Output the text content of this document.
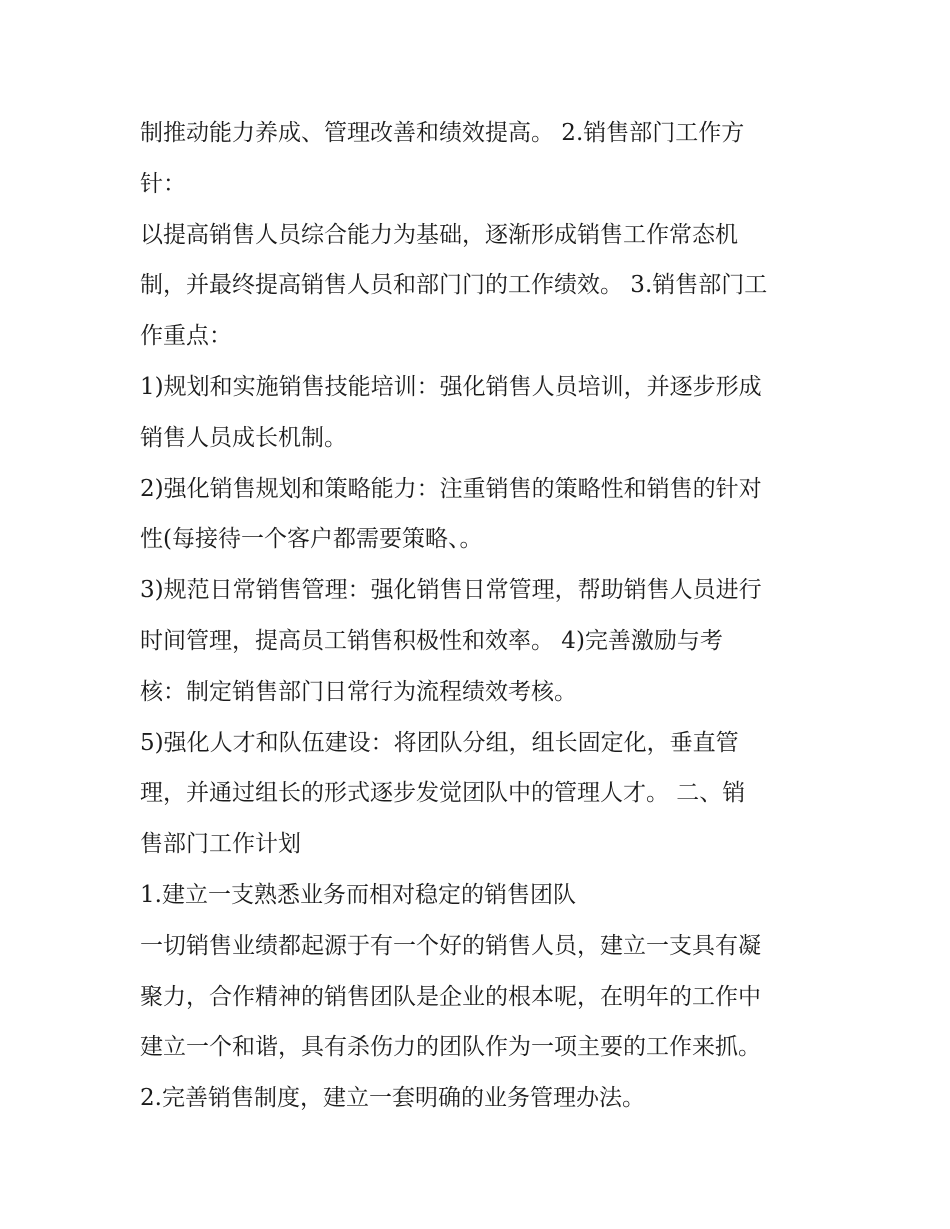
制推动能力养成、管理改善和绩效提高。 2.销售部门工作方
针：
以提高销售人员综合能力为基础，逐渐形成销售工作常态机
制，并最终提高销售人员和部门门的工作绩效。 3.销售部门工
作重点：
1)规划和实施销售技能培训：强化销售人员培训，并逐步形成
销售人员成长机制。
2)强化销售规划和策略能力：注重销售的策略性和销售的针对
性(每接待一个客户都需要策略、。
3)规范日常销售管理：强化销售日常管理，帮助销售人员进行
时间管理，提高员工销售积极性和效率。 4)完善激励与考
核：制定销售部门日常行为流程绩效考核。
5)强化人才和队伍建设：将团队分组，组长固定化，垂直管
理，并通过组长的形式逐步发觉团队中的管理人才。 二、销
售部门工作计划
1.建立一支熟悉业务而相对稳定的销售团队
一切销售业绩都起源于有一个好的销售人员，建立一支具有凝
聚力，合作精神的销售团队是企业的根本呢，在明年的工作中
建立一个和谐，具有杀伤力的团队作为一项主要的工作来抓。
2.完善销售制度，建立一套明确的业务管理办法。
